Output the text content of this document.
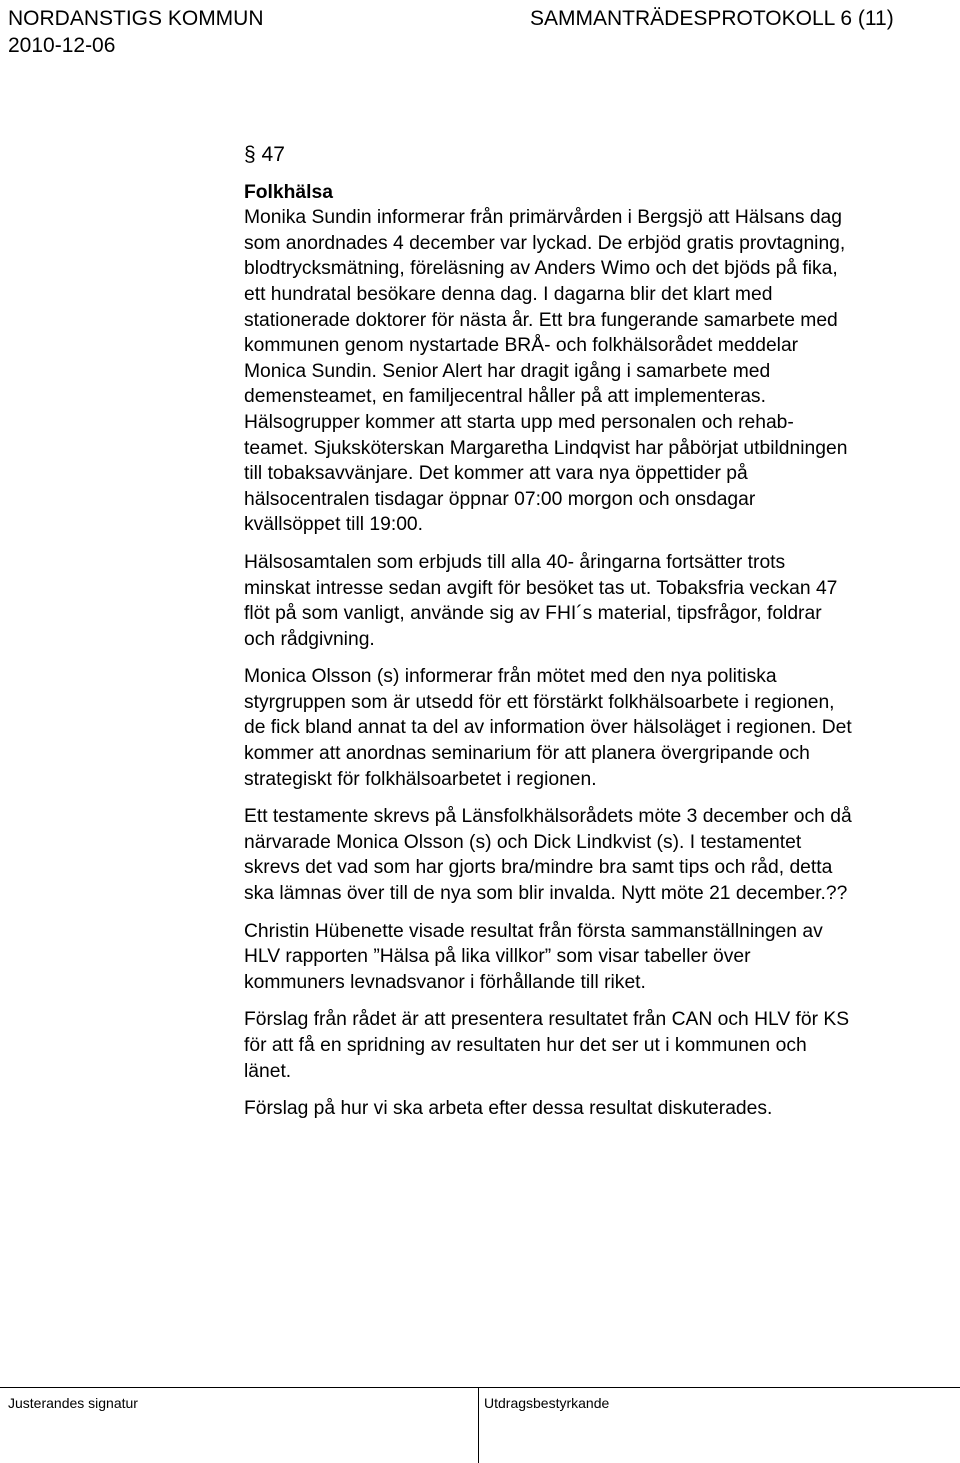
NORDANSTIGS KOMMUN
2010-12-06
SAMMANTRÄDESPROTOKOLL 6 (11)
§ 47
Folkhälsa

Monika Sundin informerar från primärvården i Bergsjö att Hälsans dag
som anordnades 4 december var lyckad. De erbjöd gratis provtagning,
blodtrycksmätning, föreläsning av Anders Wimo och det bjöds på fika,
ett hundratal besökare denna dag. I dagarna blir det klart med
stationerade doktorer för nästa år. Ett bra fungerande samarbete med
kommunen genom nystartade BRÅ- och folkhälsorådet meddelar
Monica Sundin. Senior Alert har dragit igång i samarbete med
demensteamet, en familjecentral håller på att implementeras.
Hälsogrupper kommer att starta upp med personalen och rehab-
teamet. Sjuksköterskan Margaretha Lindqvist har påbörjat utbildningen
till tobaksavvänjare. Det kommer att vara nya öppettider på
hälsocentralen tisdagar öppnar 07:00 morgon och onsdagar
kvällsöppet till 19:00.

Hälsosamtalen som erbjuds till alla 40- åringarna fortsätter trots
minskat intresse sedan avgift för besöket tas ut. Tobaksfria veckan 47
flöt på som vanligt, använde sig av FHI´s material, tipsfrågor, foldrar
och rådgivning.

Monica Olsson (s) informerar från mötet med den nya politiska
styrgruppen som är utsedd för ett förstärkt folkhälsoarbete i regionen,
de fick bland annat ta del av information över hälsoläget i regionen. Det
kommer att anordnas seminarium för att planera övergripande och
strategiskt för folkhälsoarbetet i regionen.

Ett testamente skrevs på Länsfolkhälsorådets möte 3 december och då
närvarade Monica Olsson (s) och Dick Lindkvist (s). I testamentet
skrevs det vad som har gjorts bra/mindre bra samt tips och råd, detta
ska lämnas över till de nya som blir invalda. Nytt möte 21 december.??

Christin Hübenette visade resultat från första sammanställningen av
HLV rapporten ”Hälsa på lika villkor” som visar tabeller över
kommuners levnadsvanor i förhållande till riket.

Förslag från rådet är att presentera resultatet från CAN och HLV för KS
för att få en spridning av resultaten hur det ser ut i kommunen och
länet.

Förslag på hur vi ska arbeta efter dessa resultat diskuterades.

Justerandes signatur	Utdragsbestyrkande
